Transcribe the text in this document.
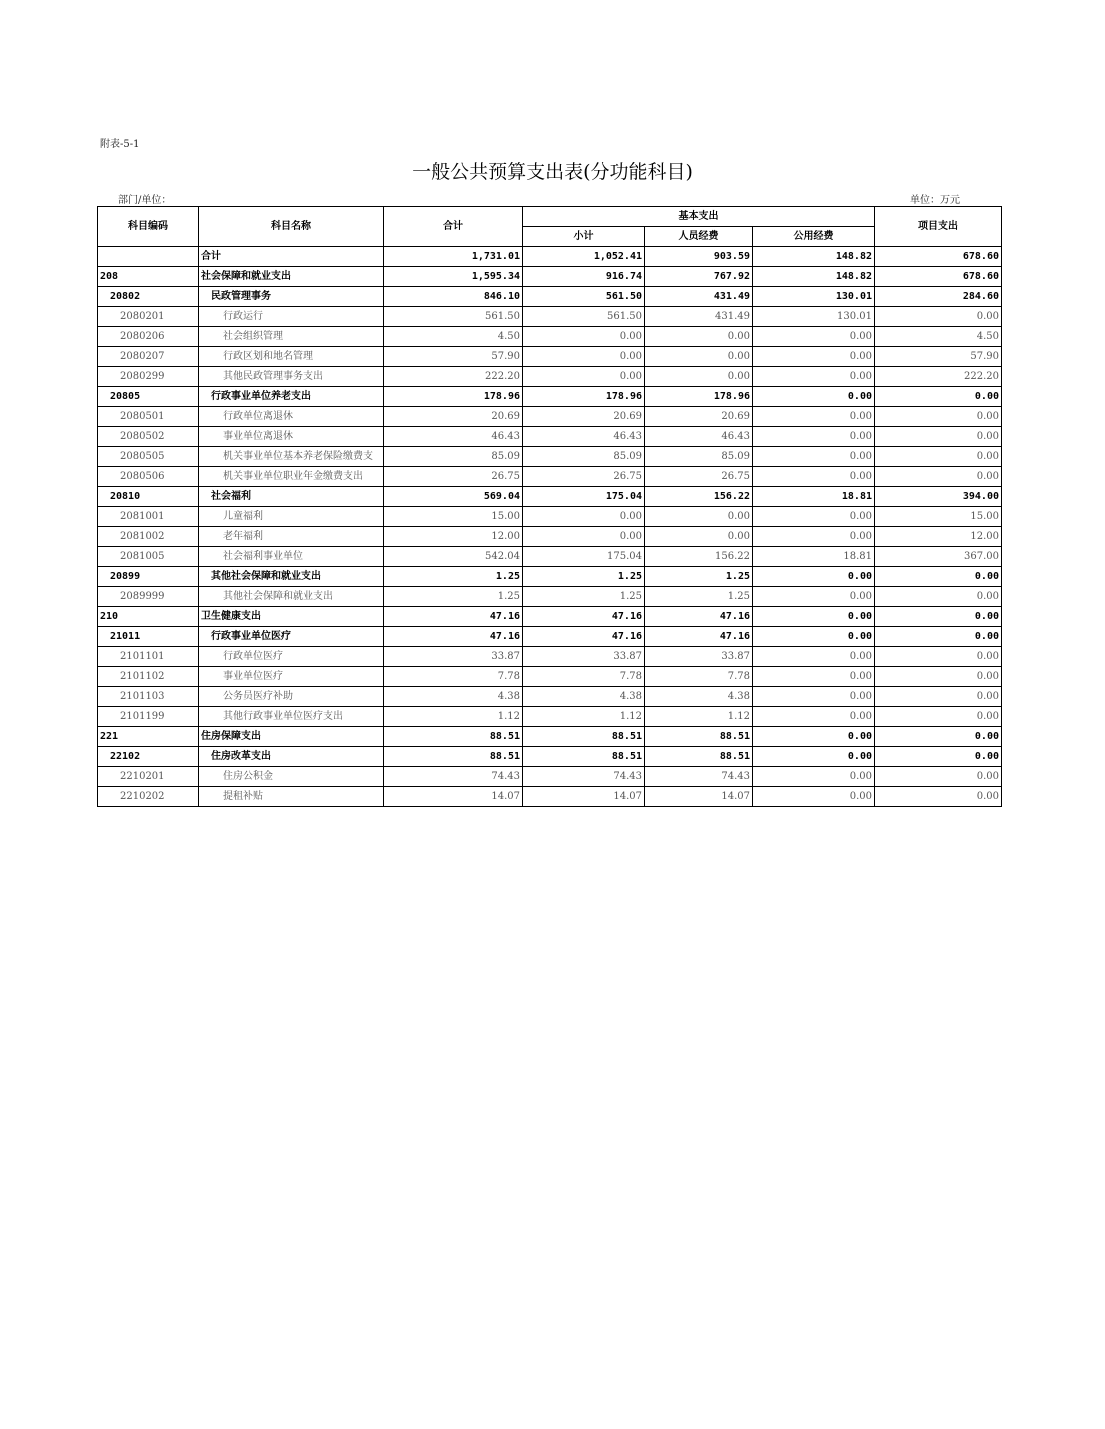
附表-5-1
一般公共预算支出表(分功能科目)
部门/单位：	单位：万元
科目编码	科目名称	合计	基本支出			项目支出
			小计	人员经费	公用经费	
	合计	1,731.01	1,052.41	903.59	148.82	678.60
208	社会保障和就业支出	1,595.34	916.74	767.92	148.82	678.60
20802	民政管理事务	846.10	561.50	431.49	130.01	284.60
2080201	行政运行	561.50	561.50	431.49	130.01	0.00
2080206	社会组织管理	4.50	0.00	0.00	0.00	4.50
2080207	行政区划和地名管理	57.90	0.00	0.00	0.00	57.90
2080299	其他民政管理事务支出	222.20	0.00	0.00	0.00	222.20
20805	行政事业单位养老支出	178.96	178.96	178.96	0.00	0.00
2080501	行政单位离退休	20.69	20.69	20.69	0.00	0.00
2080502	事业单位离退休	46.43	46.43	46.43	0.00	0.00
2080505	机关事业单位基本养老保险缴费支	85.09	85.09	85.09	0.00	0.00
2080506	机关事业单位职业年金缴费支出	26.75	26.75	26.75	0.00	0.00
20810	社会福利	569.04	175.04	156.22	18.81	394.00
2081001	儿童福利	15.00	0.00	0.00	0.00	15.00
2081002	老年福利	12.00	0.00	0.00	0.00	12.00
2081005	社会福利事业单位	542.04	175.04	156.22	18.81	367.00
20899	其他社会保障和就业支出	1.25	1.25	1.25	0.00	0.00
2089999	其他社会保障和就业支出	1.25	1.25	1.25	0.00	0.00
210	卫生健康支出	47.16	47.16	47.16	0.00	0.00
21011	行政事业单位医疗	47.16	47.16	47.16	0.00	0.00
2101101	行政单位医疗	33.87	33.87	33.87	0.00	0.00
2101102	事业单位医疗	7.78	7.78	7.78	0.00	0.00
2101103	公务员医疗补助	4.38	4.38	4.38	0.00	0.00
2101199	其他行政事业单位医疗支出	1.12	1.12	1.12	0.00	0.00
221	住房保障支出	88.51	88.51	88.51	0.00	0.00
22102	住房改革支出	88.51	88.51	88.51	0.00	0.00
2210201	住房公积金	74.43	74.43	74.43	0.00	0.00
2210202	提租补贴	14.07	14.07	14.07	0.00	0.00
